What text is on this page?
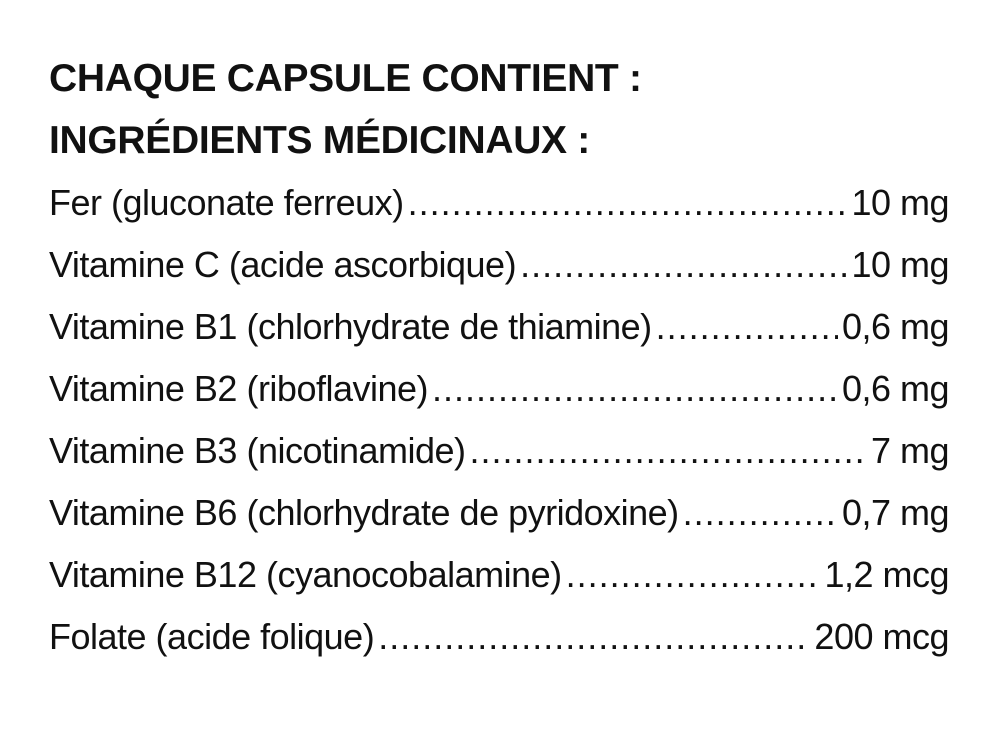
CHAQUE CAPSULE CONTIENT :
INGRÉDIENTS MÉDICINAUX :
Fer (gluconate ferreux) .....	10 mg
Vitamine C (acide ascorbique) .....	10 mg
Vitamine B1 (chlorhydrate de thiamine) .....	0,6 mg
Vitamine B2 (riboflavine) .....	0,6 mg
Vitamine B3 (nicotinamide) .....	7 mg
Vitamine B6 (chlorhydrate de pyridoxine) .....	0,7 mg
Vitamine B12 (cyanocobalamine) .....	1,2 mcg
Folate (acide folique) .....	200 mcg
